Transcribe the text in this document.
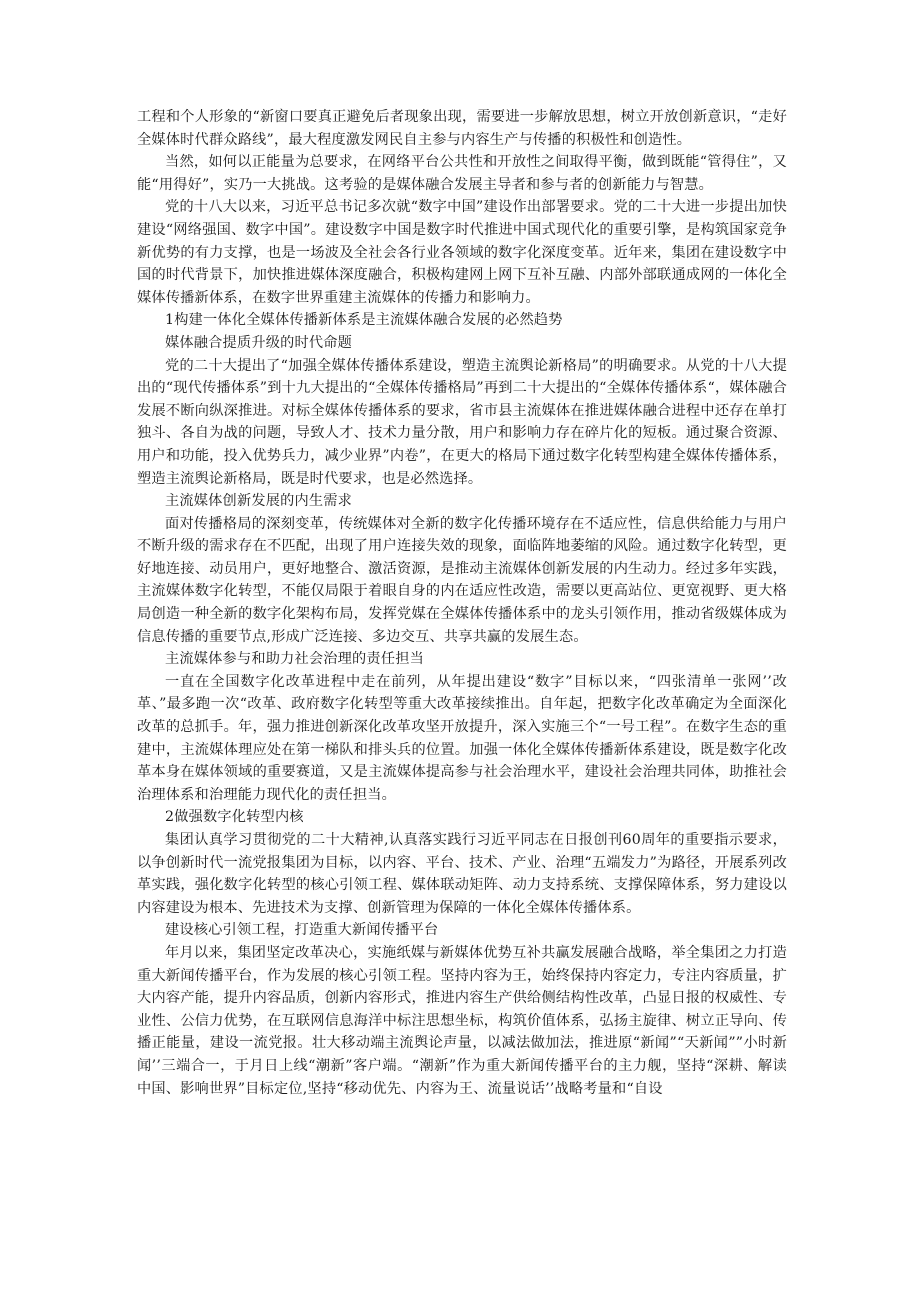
工程和个人形象的“新窗口要真正避免后者现象出现，需要进一步解放思想，树立开放创新意识，“走好全媒体时代群众路线”，最大程度激发网民自主参与内容生产与传播的积极性和创造性。

当然，如何以正能量为总要求，在网络平台公共性和开放性之间取得平衡，做到既能“管得住”，又能“用得好”，实乃一大挑战。这考验的是媒体融合发展主导者和参与者的创新能力与智慧。

党的十八大以来，习近平总书记多次就“数字中国”建设作出部署要求。党的二十大进一步提出加快建设“网络强国、数字中国”。建设数字中国是数字时代推进中国式现代化的重要引擎，是构筑国家竞争新优势的有力支撑，也是一场波及全社会各行业各领域的数字化深度变革。近年来，集团在建设数字中国的时代背景下，加快推进媒体深度融合，积极构建网上网下互补互融、内部外部联通成网的一体化全媒体传播新体系，在数字世界重建主流媒体的传播力和影响力。

1构建一体化全媒体传播新体系是主流媒体融合发展的必然趋势

媒体融合提质升级的时代命题

党的二十大提出了“加强全媒体传播体系建设，塑造主流舆论新格局”的明确要求。从党的十八大提出的“现代传播体系”到十九大提出的“全媒体传播格局”再到二十大提出的“全媒体传播体系“，媒体融合发展不断向纵深推进。对标全媒体传播体系的要求，省市县主流媒体在推进媒体融合进程中还存在单打独斗、各自为战的问题，导致人才、技术力量分散，用户和影响力存在碎片化的短板。通过聚合资源、用户和功能，投入优势兵力，减少业界”内卷”，在更大的格局下通过数字化转型构建全媒体传播体系，塑造主流舆论新格局，既是时代要求，也是必然选择。

主流媒体创新发展的内生需求

面对传播格局的深刻变革，传统媒体对全新的数字化传播环境存在不适应性，信息供给能力与用户不断升级的需求存在不匹配，出现了用户连接失效的现象，面临阵地萎缩的风险。通过数字化转型，更好地连接、动员用户，更好地整合、激活资源，是推动主流媒体创新发展的内生动力。经过多年实践，主流媒体数字化转型，不能仅局限于着眼自身的内在适应性改造，需要以更高站位、更宽视野、更大格局创造一种全新的数字化架构布局，发挥党媒在全媒体传播体系中的龙头引领作用，推动省级媒体成为信息传播的重要节点,形成广泛连接、多边交互、共享共赢的发展生态。

主流媒体参与和助力社会治理的责任担当

一直在全国数字化改革进程中走在前列，从年提出建设“数字”目标以来，“四张清单一张网’’改革、”最多跑一次“改革、政府数字化转型等重大改革接续推出。自年起，把数字化改革确定为全面深化改革的总抓手。年，强力推进创新深化改革攻坚开放提升，深入实施三个“一号工程”。在数字生态的重建中，主流媒体理应处在第一梯队和排头兵的位置。加强一体化全媒体传播新体系建设，既是数字化改革本身在媒体领域的重要赛道，又是主流媒体提高参与社会治理水平，建设社会治理共同体，助推社会治理体系和治理能力现代化的责任担当。

2做强数字化转型内核

集团认真学习贯彻党的二十大精神,认真落实践行习近平同志在日报创刊60周年的重要指示要求，以争创新时代一流党报集团为目标，以内容、平台、技术、产业、治理“五端发力”为路径，开展系列改革实践，强化数字化转型的核心引领工程、媒体联动矩阵、动力支持系统、支撑保障体系，努力建设以内容建设为根本、先进技术为支撑、创新管理为保障的一体化全媒体传播体系。

建设核心引领工程，打造重大新闻传播平台

年月以来，集团坚定改革决心，实施纸媒与新媒体优势互补共赢发展融合战略，举全集团之力打造重大新闻传播平台，作为发展的核心引领工程。坚持内容为王，始终保持内容定力，专注内容质量，扩大内容产能，提升内容品质，创新内容形式，推进内容生产供给侧结构性改革，凸显日报的权威性、专业性、公信力优势，在互联网信息海洋中标注思想坐标，构筑价值体系，弘扬主旋律、树立正导向、传播正能量，建设一流党报。壮大移动端主流舆论声量，以减法做加法，推进原“新闻”“天新闻””小时新闻’’三端合一，于月日上线“潮新”客户端。“潮新”作为重大新闻传播平台的主力舰，坚持“深耕、解读中国、影响世界”目标定位,坚持“移动优先、内容为王、流量说话’’战略考量和“自设
